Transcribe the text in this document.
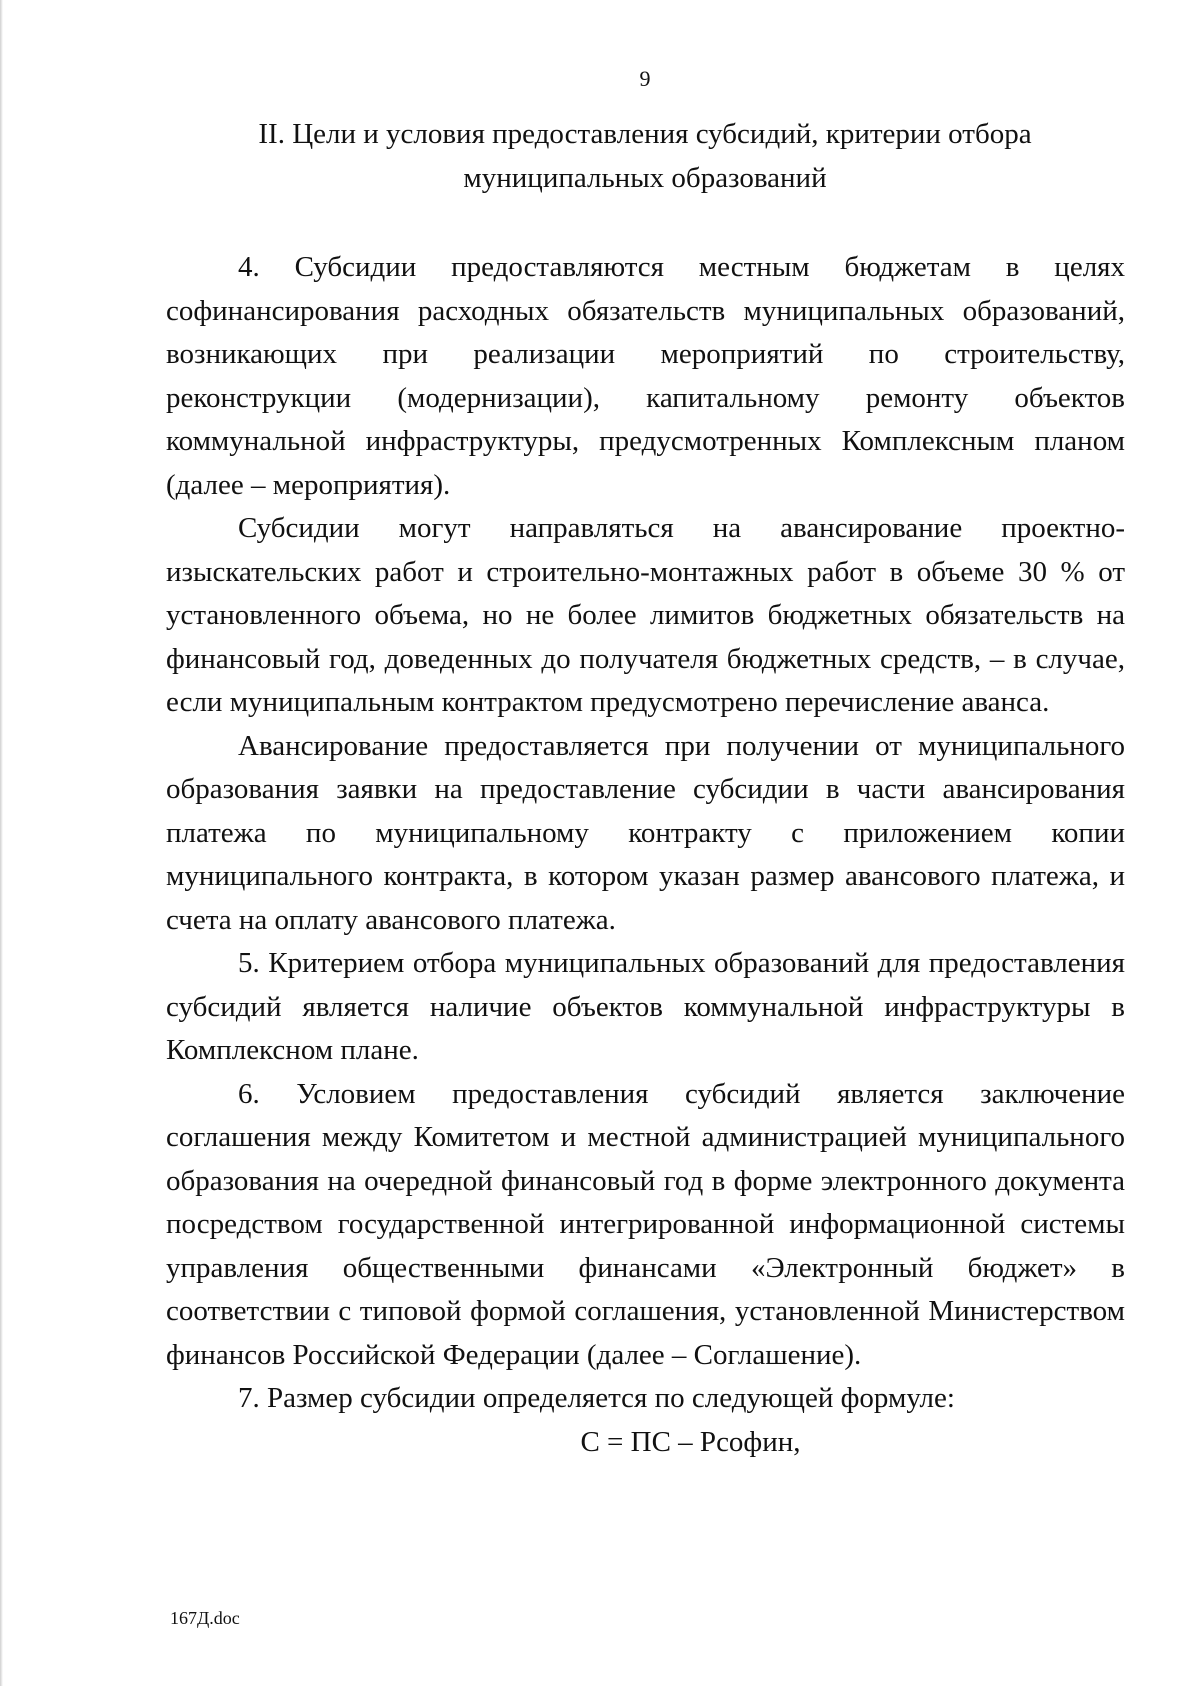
9
II. Цели и условия предоставления субсидий, критерии отбора
муниципальных образований

4. Субсидии предоставляются местным бюджетам в целях софинансирования расходных обязательств муниципальных образований, возникающих при реализации мероприятий по строительству, реконструкции (модернизации), капитальному ремонту объектов коммунальной инфраструктуры, предусмотренных Комплексным планом (далее – мероприятия).

Субсидии могут направляться на авансирование проектно-изыскательских работ и строительно-монтажных работ в объеме 30 % от установленного объема, но не более лимитов бюджетных обязательств на финансовый год, доведенных до получателя бюджетных средств, – в случае, если муниципальным контрактом предусмотрено перечисление аванса.

Авансирование предоставляется при получении от муниципального образования заявки на предоставление субсидии в части авансирования платежа по муниципальному контракту с приложением копии муниципального контракта, в котором указан размер авансового платежа, и счета на оплату авансового платежа.

5. Критерием отбора муниципальных образований для предоставления субсидий является наличие объектов коммунальной инфраструктуры в Комплексном плане.

6. Условием предоставления субсидий является заключение соглашения между Комитетом и местной администрацией муниципального образования на очередной финансовый год в форме электронного документа посредством государственной интегрированной информационной системы управления общественными финансами «Электронный бюджет» в соответствии с типовой формой соглашения, установленной Министерством финансов Российской Федерации (далее – Соглашение).

7. Размер субсидии определяется по следующей формуле:

С = ПС – Рсофин,

167Д.doc
